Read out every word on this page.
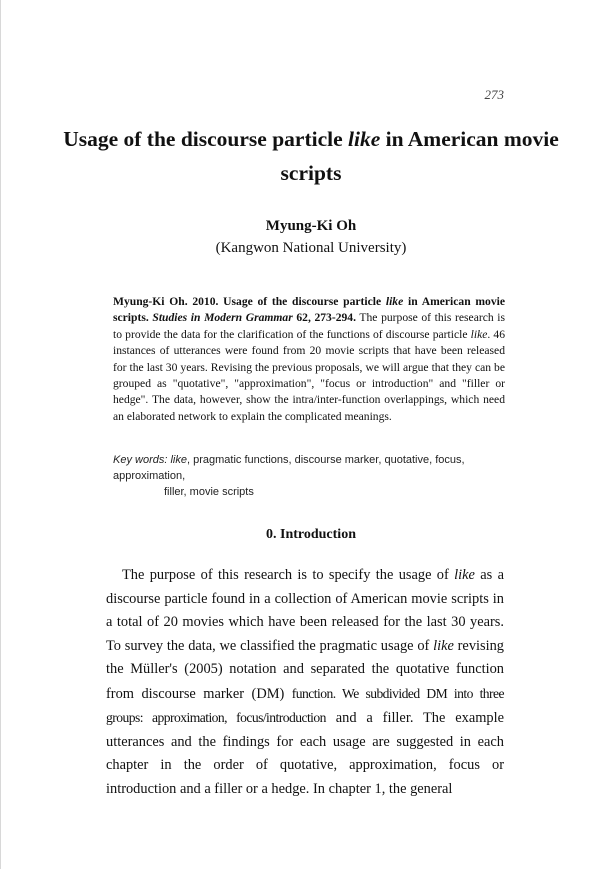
273
Usage of the discourse particle like in American movie scripts
Myung-Ki Oh
(Kangwon National University)

Myung-Ki Oh. 2010. Usage of the discourse particle like in American movie scripts. Studies in Modern Grammar 62, 273-294. The purpose of this research is to provide the data for the clarification of the functions of discourse particle like. 46 instances of utterances were found from 20 movie scripts that have been released for the last 30 years. Revising the previous proposals, we will argue that they can be grouped as "quotative", "approximation", "focus or introduction" and "filler or hedge". The data, however, show the intra/inter-function overlappings, which need an elaborated network to explain the complicated meanings.

Key words: like, pragmatic functions, discourse marker, quotative, focus, approximation,
filler, movie scripts
0. Introduction

The purpose of this research is to specify the usage of like as a discourse particle found in a collection of American movie scripts in a total of 20 movies which have been released for the last 30 years. To survey the data, we classified the pragmatic usage of like revising the Müller's (2005) notation and separated the quotative function from discourse marker (DM) function. We subdivided DM into three groups: approximation, focus/introduction and a filler. The example utterances and the findings for each usage are suggested in each chapter in the order of quotative, approximation, focus or introduction and a filler or a hedge. In chapter 1, the general
